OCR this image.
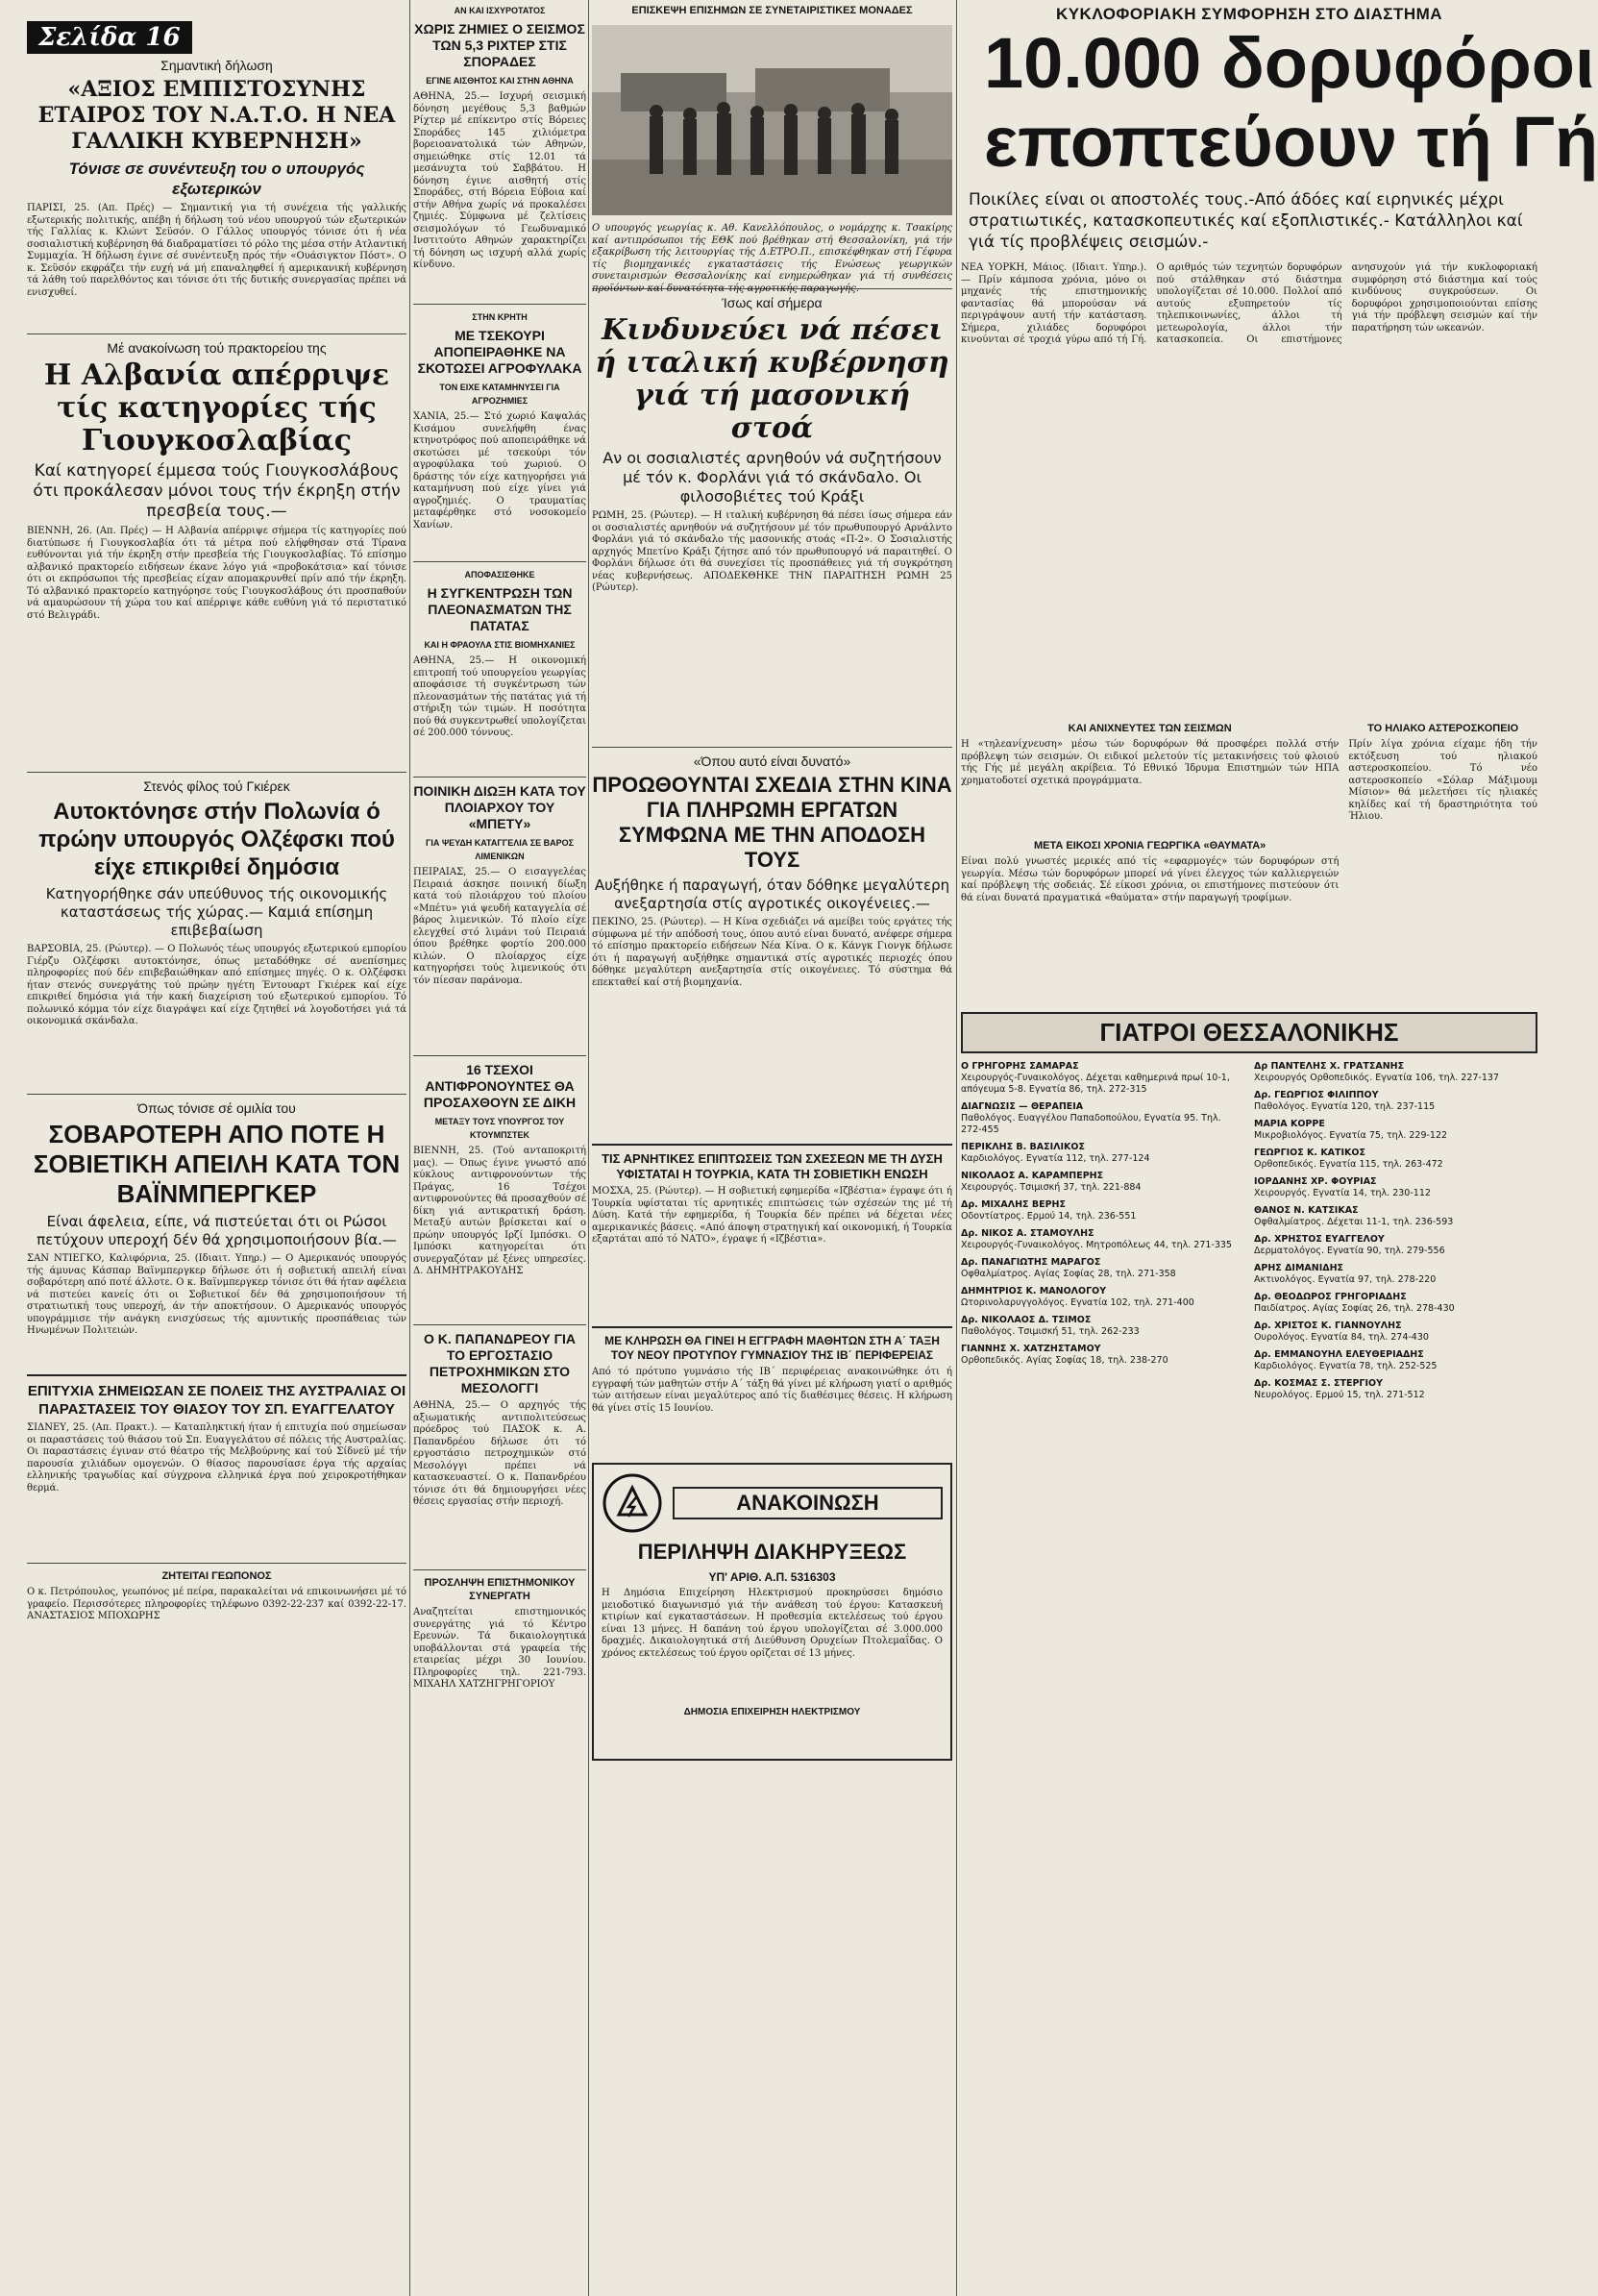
Σελίδα 16
Σημαντική δήλωση
«ΑΞΙΟΣ ΕΜΠΙΣΤΟΣΥΝΗΣ ΕΤΑΙΡΟΣ ΤΟΥ Ν.Α.Τ.Ο. Η ΝΕΑ ΓΑΛΛΙΚΗ ΚΥΒΕΡΝΗΣΗ»
Τόνισε σε συνέντευξη του ο υπουργός εξωτερικών
ΠΑΡΙΣΙ, 25. (Απ. Πρές) — Σημαντική για τή συνέχεια τής γαλλικής εξωτερικής πολιτικής, απέβη ή δήλωση τού νέου υπουργού τών εξωτερικών τής Γαλλίας κ. Κλώντ Σεϋσόν. Ο Γάλλος υπουργός τόνισε ότι ή νέα σοσιαλιστική κυβέρνηση θά διαδραματίσει τό ρόλο της μέσα στήν Ατλαντική Συμμαχία. Ή δήλωση έγινε σέ συνέντευξη πρός τήν «Ουάσιγκτον Πόστ». Ο κ. Σεϋσόν εκφράζει τήν ευχή νά μή επαναληφθεί ή αμερικανική κυβέρνηση τά λάθη τού παρελθόντος και τόνισε ότι τής δυτικής συνεργασίας πρέπει νά ενισχυθεί.
Μέ ανακοίνωση τού πρακτορείου της
Η Αλβανία απέρριψε τίς κατηγορίες τής Γιουγκοσλαβίας
Καί κατηγορεί έμμεσα τούς Γιουγκοσλάβους ότι προκάλεσαν μόνοι τους τήν έκρηξη στήν πρεσβεία τους.—
ΒΙΕΝΝΗ, 26. (Απ. Πρές) — Η Αλβανία απέρριψε σήμερα τίς κατηγορίες πού διατύπωσε ή Γιουγκοσλαβία ότι τά μέτρα πού ελήφθησαν στά Τίρανα ευθύνονται γιά τήν έκρηξη στήν πρεσβεία τής Γιουγκοσλαβίας. Τό επίσημο αλβανικό πρακτορείο ειδήσεων έκανε λόγο γιά «προβοκάτσια» καί τόνισε ότι οι εκπρόσωποι τής πρεσβείας είχαν απομακρυνθεί πρίν από τήν έκρηξη. Τό αλβανικό πρακτορείο κατηγόρησε τούς Γιουγκοσλάβους ότι προσπαθούν νά αμαυρώσουν τή χώρα του καί απέρριψε κάθε ευθύνη γιά τό περιστατικό στό Βελιγράδι.
Στενός φίλος τού Γκιέρεκ
Αυτοκτόνησε στήν Πολωνία ό πρώην υπουργός Ολζέφσκι πού είχε επικριθεί δημόσια
Κατηγορήθηκε σάν υπεύθυνος τής οικονομικής καταστάσεως τής χώρας.— Καμιά επίσημη επιβεβαίωση
ΒΑΡΣΟΒΙΑ, 25. (Ρώυτερ). — Ο Πολωνός τέως υπουργός εξωτερικού εμπορίου Γιέρζυ Ολζέφσκι αυτοκτόνησε, όπως μεταδόθηκε σέ ανεπίσημες πληροφορίες πού δέν επιβεβαιώθηκαν από επίσημες πηγές. Ο κ. Ολζέφσκι ήταν στενός συνεργάτης τού πρώην ηγέτη Έντουαρτ Γκιέρεκ καί είχε επικριθεί δημόσια γιά τήν κακή διαχείριση τού εξωτερικού εμπορίου. Τό πολωνικό κόμμα τόν είχε διαγράψει καί είχε ζητηθεί νά λογοδοτήσει γιά τά οικονομικά σκάνδαλα.
Όπως τόνισε σέ ομιλία του
ΣΟΒΑΡΟΤΕΡΗ ΑΠΟ ΠΟΤΕ Η ΣΟΒΙΕΤΙΚΗ ΑΠΕΙΛΗ ΚΑΤΑ ΤΟΝ ΒΑΪΝΜΠΕΡΓΚΕΡ
Είναι άφελεια, είπε, νά πιστεύεται ότι οι Ρώσοι πετύχουν υπεροχή δέν θά χρησιμοποιήσουν βία.—
ΣΑΝ ΝΤΙΕΓΚΟ, Καλιφόρνια, 25. (Ιδιαιτ. Υπηρ.) — Ο Αμερικανός υπουργός τής άμυνας Κάσπαρ Βαϊνμπεργκερ δήλωσε ότι ή σοβιετική απειλή είναι σοβαρότερη από ποτέ άλλοτε. Ο κ. Βαϊνμπεργκερ τόνισε ότι θά ήταν αφέλεια νά πιστεύει κανείς ότι οι Σοβιετικοί δέν θά χρησιμοποιήσουν τή στρατιωτική τους υπεροχή, άν τήν αποκτήσουν. Ο Αμερικανός υπουργός υπογράμμισε τήν ανάγκη ενισχύσεως τής αμυντικής προσπάθειας τών Ηνωμένων Πολιτειών.
ΕΠΙΤΥΧΙΑ ΣΗΜΕΙΩΣΑΝ ΣΕ ΠΟΛΕΙΣ ΤΗΣ ΑΥΣΤΡΑΛΙΑΣ ΟΙ ΠΑΡΑΣΤΑΣΕΙΣ ΤΟΥ ΘΙΑΣΟΥ ΤΟΥ ΣΠ. ΕΥΑΓΓΕΛΑΤΟΥ
ΣΙΔΝΕΥ, 25. (Απ. Πρακτ.). — Καταπληκτική ήταν ή επιτυχία πού σημείωσαν οι παραστάσεις τού θιάσου τού Σπ. Ευαγγελάτου σέ πόλεις τής Αυστραλίας. Οι παραστάσεις έγιναν στό θέατρο τής Μελβούρνης καί τού Σίδνεϋ μέ τήν παρουσία χιλιάδων ομογενών. Ο θίασος παρουσίασε έργα τής αρχαίας ελληνικής τραγωδίας καί σύγχρονα ελληνικά έργα πού χειροκροτήθηκαν θερμά.
ΖΗΤΕΙΤΑΙ ΓΕΩΠΟΝΟΣ
Ο κ. Πετρόπουλος, γεωπόνος μέ πείρα, παρακαλείται νά επικοινωνήσει μέ τό γραφείο. Περισσότερες πληροφορίες τηλέφωνο 0392-22-237 καί 0392-22-17. ΑΝΑΣΤΑΣΙΟΣ ΜΠΟΧΩΡΗΣ
ΑΝ ΚΑΙ ΙΣΧΥΡΟΤΑΤΟΣ
ΧΩΡΙΣ ΖΗΜΙΕΣ Ο ΣΕΙΣΜΟΣ ΤΩΝ 5,3 ΡΙΧΤΕΡ ΣΤΙΣ ΣΠΟΡΑΔΕΣ
ΕΓΙΝΕ ΑΙΣΘΗΤΟΣ ΚΑΙ ΣΤΗΝ ΑΘΗΝΑ
ΑΘΗΝΑ, 25.— Ισχυρή σεισμική δόνηση μεγέθους 5,3 βαθμών Ρίχτερ μέ επίκεντρο στίς Βόρειες Σποράδες 145 χιλιόμετρα βορειοανατολικά τών Αθηνών, σημειώθηκε στίς 12.01 τά μεσάνυχτα τού Σαββάτου. Η δόνηση έγινε αισθητή στίς Σποράδες, στή Βόρεια Εύβοια καί στήν Αθήνα χωρίς νά προκαλέσει ζημιές. Σύμφωνα μέ ζελτίσεις σεισμολόγων τό Γεωδυναμικό Ινστιτούτο Αθηνών χαρακτηρίζει τή δόνηση ως ισχυρή αλλά χωρίς κίνδυνο.
ΣΤΗΝ ΚΡΗΤΗ
ΜΕ ΤΣΕΚΟΥΡΙ ΑΠΟΠΕΙΡΑΘΗΚΕ ΝΑ ΣΚΟΤΩΣΕΙ ΑΓΡΟΦΥΛΑΚΑ
ΤΟΝ ΕΙΧΕ ΚΑΤΑΜΗΝΥΣΕΙ ΓΙΑ ΑΓΡΟΖΗΜΙΕΣ
ΧΑΝΙΑ, 25.— Στό χωριό Καψαλάς Κισάμου συνελήφθη ένας κτηνοτρόφος πού αποπειράθηκε νά σκοτώσει μέ τσεκούρι τόν αγροφύλακα τού χωριού. Ο δράστης τόν είχε κατηγορήσει γιά καταμήνυση πού είχε γίνει γιά αγροζημιές. Ο τραυματίας μεταφέρθηκε στό νοσοκομείο Χανίων.
ΑΠΟΦΑΣΙΣΘΗΚΕ
Η ΣΥΓΚΕΝΤΡΩΣΗ ΤΩΝ ΠΛΕΟΝΑΣΜΑΤΩΝ ΤΗΣ ΠΑΤΑΤΑΣ
ΚΑΙ Η ΦΡΑΟΥΛΑ ΣΤΙΣ ΒΙΟΜΗΧΑΝΙΕΣ
ΑΘΗΝΑ, 25.— Η οικονομική επιτροπή τού υπουργείου γεωργίας αποφάσισε τή συγκέντρωση τών πλεονασμάτων τής πατάτας γιά τή στήριξη τών τιμών. Η ποσότητα πού θά συγκεντρωθεί υπολογίζεται σέ 200.000 τόννους.
ΠΟΙΝΙΚΗ ΔΙΩΞΗ ΚΑΤΑ ΤΟΥ ΠΛΟΙΑΡΧΟΥ ΤΟΥ «ΜΠΕΤΥ»
ΓΙΑ ΨΕΥΔΗ ΚΑΤΑΓΓΕΛΙΑ ΣΕ ΒΑΡΟΣ ΛΙΜΕΝΙΚΩΝ
ΠΕΙΡΑΙΑΣ, 25.— Ο εισαγγελέας Πειραιά άσκησε ποινική δίωξη κατά τού πλοιάρχου τού πλοίου «Μπέτυ» γιά ψευδή καταγγελία σέ βάρος λιμενικών. Τό πλοίο είχε ελεγχθεί στό λιμάνι τού Πειραιά όπου βρέθηκε φορτίο 200.000 κιλών. Ο πλοίαρχος είχε κατηγορήσει τούς λιμενικούς ότι τόν πίεσαν παράνομα.
16 ΤΣΕΧΟΙ ΑΝΤΙΦΡΟΝΟΥΝΤΕΣ ΘΑ ΠΡΟΣΑΧΘΟΥΝ ΣΕ ΔΙΚΗ
ΜΕΤΑΞΥ ΤΟΥΣ ΥΠΟΥΡΓΟΣ ΤΟΥ ΚΤΟΥΜΠΣΤΕΚ
ΒΙΕΝΝΗ, 25. (Τού ανταποκριτή μας). — Όπως έγινε γνωστό από κύκλους αντιφρονούντων τής Πράγας, 16 Τσέχοι αντιφρονούντες θά προσαχθούν σέ δίκη γιά αντικρατική δράση. Μεταξύ αυτών βρίσκεται καί ο πρώην υπουργός Ιρζί Ιμπόσκι. Ο Ιμπόσκι κατηγορείται ότι συνεργαζόταν μέ ξένες υπηρεσίες. Δ. ΔΗΜΗΤΡΑΚΟΥΔΗΣ
Ο Κ. ΠΑΠΑΝΔΡΕΟΥ ΓΙΑ ΤΟ ΕΡΓΟΣΤΑΣΙΟ ΠΕΤΡΟΧΗΜΙΚΩΝ ΣΤΟ ΜΕΣΟΛΟΓΓΙ
ΑΘΗΝΑ, 25.— Ο αρχηγός τής αξιωματικής αντιπολιτεύσεως πρόεδρος τού ΠΑΣΟΚ κ. Α. Παπανδρέου δήλωσε ότι τό εργοστάσιο πετροχημικών στό Μεσολόγγι πρέπει νά κατασκευαστεί. Ο κ. Παπανδρέου τόνισε ότι θά δημιουργήσει νέες θέσεις εργασίας στήν περιοχή.
ΠΡΟΣΛΗΨΗ ΕΠΙΣΤΗΜΟΝΙΚΟΥ ΣΥΝΕΡΓΑΤΗ
Αναζητείται επιστημονικός συνεργάτης γιά τό Κέντρο Ερευνών. Τά δικαιολογητικά υποβάλλονται στά γραφεία τής εταιρείας μέχρι 30 Ιουνίου. Πληροφορίες τηλ. 221-793. ΜΙΧΑΗΛ ΧΑΤΖΗΓΡΗΓΟΡΙΟΥ
ΕΠΙΣΚΕΨΗ ΕΠΙΣΗΜΩΝ ΣΕ ΣΥΝΕΤΑΙΡΙΣΤΙΚΕΣ ΜΟΝΑΔΕΣ
Ο υπουργός γεωργίας κ. Αθ. Κανελλόπουλος, ο νομάρχης κ. Τσακίρης καί αντιπρόσωποι τής ΕΘΚ πού βρέθηκαν στή Θεσσαλονίκη, γιά τήν εξακρίβωση τής λειτουργίας τής Δ.ΕΤΡΟ.Π., επισκέφθηκαν στή Γέφυρα τίς βιομηχανικές εγκαταστάσεις τής Ενώσεως γεωργικών συνεταιρισμών Θεσσαλονίκης καί ενημερώθηκαν γιά τή συνθέσεις προϊόντων καί δυνατότητα τής αγροτικής παραγωγής.
Ίσως καί σήμερα
Κινδυνεύει νά πέσει ή ιταλική κυβέρνηση γιά τή μασονική στοά
Αν οι σοσιαλιστές αρνηθούν νά συζητήσουν μέ τόν κ. Φορλάνι γιά τό σκάνδαλο. Οι φιλοσοβιέτες τού Κράξι
ΡΩΜΗ, 25. (Ρώυτερ). — Η ιταλική κυβέρνηση θά πέσει ίσως σήμερα εάν οι σοσιαλιστές αρνηθούν νά συζητήσουν μέ τόν πρωθυπουργό Αρνάλντο Φορλάνι γιά τό σκάνδαλο τής μασονικής στοάς «Π-2». Ο Σοσιαλιστής αρχηγός Μπετίνο Κράξι ζήτησε από τόν πρωθυπουργό νά παραιτηθεί. Ο Φορλάνι δήλωσε ότι θά συνεχίσει τίς προσπάθειες γιά τή συγκρότηση νέας κυβερνήσεως. ΑΠΟΔΕΚΘΗΚΕ ΤΗΝ ΠΑΡΑΙΤΗΣΗ ΡΩΜΗ 25 (Ρώυτερ).
«Όπου αυτό είναι δυνατό»
ΠΡΟΩΘΟΥΝΤΑΙ ΣΧΕΔΙΑ ΣΤΗΝ ΚΙΝΑ ΓΙΑ ΠΛΗΡΩΜΗ ΕΡΓΑΤΩΝ ΣΥΜΦΩΝΑ ΜΕ ΤΗΝ ΑΠΟΔΟΣΗ ΤΟΥΣ
Αυξήθηκε ή παραγωγή, όταν δόθηκε μεγαλύτερη ανεξαρτησία στίς αγροτικές οικογένειες.—
ΠΕΚΙΝΟ, 25. (Ρώυτερ). — Η Κίνα σχεδιάζει νά αμείβει τούς εργάτες τής σύμφωνα μέ τήν απόδοσή τους, όπου αυτό είναι δυνατό, ανέφερε σήμερα τό επίσημο πρακτορείο ειδήσεων Νέα Κίνα. Ο κ. Κάνγκ Γιονγκ δήλωσε ότι ή παραγωγή αυξήθηκε σημαντικά στίς αγροτικές περιοχές όπου δόθηκε μεγαλύτερη ανεξαρτησία στίς οικογένειες. Τό σύστημα θά επεκταθεί καί στή βιομηχανία.
ΤΙΣ ΑΡΝΗΤΙΚΕΣ ΕΠΙΠΤΩΣΕΙΣ ΤΩΝ ΣΧΕΣΕΩΝ ΜΕ ΤΗ ΔΥΣΗ ΥΦΙΣΤΑΤΑΙ Η ΤΟΥΡΚΙΑ, ΚΑΤΑ ΤΗ ΣΟΒΙΕΤΙΚΗ ΕΝΩΣΗ
ΜΟΣΧΑ, 25. (Ρώυτερ). — Η σοβιετική εφημερίδα «Ιζβέστια» έγραψε ότι ή Τουρκία υφίσταται τίς αρνητικές επιπτώσεις τών σχέσεών της μέ τή Δύση. Κατά τήν εφημερίδα, ή Τουρκία δέν πρέπει νά δέχεται νέες αμερικανικές βάσεις. «Από άποψη στρατηγική καί οικονομική, ή Τουρκία εξαρτάται από τό ΝΑΤΟ», έγραψε ή «Ιζβέστια».
ΜΕ ΚΛΗΡΩΣΗ ΘΑ ΓΙΝΕΙ Η ΕΓΓΡΑΦΗ ΜΑΘΗΤΩΝ ΣΤΗ Α΄ ΤΑΞΗ ΤΟΥ ΝΕΟΥ ΠΡΟΤΥΠΟΥ ΓΥΜΝΑΣΙΟΥ ΤΗΣ ΙΒ΄ ΠΕΡΙΦΕΡΕΙΑΣ
Από τό πρότυπο γυμνάσιο τής ΙΒ΄ περιφέρειας ανακοινώθηκε ότι ή εγγραφή τών μαθητών στήν Α΄ τάξη θά γίνει μέ κλήρωση γιατί ο αριθμός τών αιτήσεων είναι μεγαλύτερος από τίς διαθέσιμες θέσεις. Η κλήρωση θά γίνει στίς 15 Ιουνίου.
ΑΝΑΚΟΙΝΩΣΗ
ΠΕΡΙΛΗΨΗ ΔΙΑΚΗΡΥΞΕΩΣ
ΥΠ' ΑΡΙΘ. Α.Π. 5316303
Η Δημόσια Επιχείρηση Ηλεκτρισμού προκηρύσσει δημόσιο μειοδοτικό διαγωνισμό γιά τήν ανάθεση τού έργου: Κατασκευή κτιρίων καί εγκαταστάσεων. Η προθεσμία εκτελέσεως τού έργου είναι 13 μήνες. Η δαπάνη τού έργου υπολογίζεται σέ 3.000.000 δραχμές. Δικαιολογητικά στή Διεύθυνση Ορυχείων Πτολεμαΐδας. Ο χρόνος εκτελέσεως τού έργου ορίζεται σέ 13 μήνες.
ΔΗΜΟΣΙΑ ΕΠΙΧΕΙΡΗΣΗ ΗΛΕΚΤΡΙΣΜΟΥ
ΚΥΚΛΟΦΟΡΙΑΚΗ ΣΥΜΦΟΡΗΣΗ ΣΤΟ ΔΙΑΣΤΗΜΑ
10.000 δορυφόροι
εποπτεύουν τή Γή
Ποικίλες είναι οι αποστολές τους.-Από άδόες καί ειρηνικές μέχρι στρατιωτικές, κατασκοπευτικές καί εξοπλιστικές.- Κατάλληλοι καί γιά τίς προβλέψεις σεισμών.-
ΝΕΑ ΥΟΡΚΗ, Μάιος. (Ιδιαιτ. Υπηρ.). — Πρίν κάμποσα χρόνια, μόνο οι μηχανές τής επιστημονικής φαντασίας θά μπορούσαν νά περιγράψουν αυτή τήν κατάσταση. Σήμερα, χιλιάδες δορυφόροι κινούνται σέ τροχιά γύρω από τή Γή. Ο αριθμός τών τεχνητών δορυφόρων πού στάλθηκαν στό διάστημα υπολογίζεται σέ 10.000. Πολλοί από αυτούς εξυπηρετούν τίς τηλεπικοινωνίες, άλλοι τή μετεωρολογία, άλλοι τήν κατασκοπεία. Οι επιστήμονες ανησυχούν γιά τήν κυκλοφοριακή συμφόρηση στό διάστημα καί τούς κινδύνους συγκρούσεων. Οι δορυφόροι χρησιμοποιούνται επίσης γιά τήν πρόβλεψη σεισμών καί τήν παρατήρηση τών ωκεανών.
ΚΑΙ ΑΝΙΧΝΕΥΤΕΣ ΤΩΝ ΣΕΙΣΜΩΝ
Η «τηλεανίχνευση» μέσω τών δορυφόρων θά προσφέρει πολλά στήν πρόβλεψη τών σεισμών. Οι ειδικοί μελετούν τίς μετακινήσεις τού φλοιού τής Γής μέ μεγάλη ακρίβεια. Τό Εθνικό Ίδρυμα Επιστημών τών ΗΠΑ χρηματοδοτεί σχετικά προγράμματα.
ΜΕΤΑ ΕΙΚΟΣΙ ΧΡΟΝΙΑ ΓΕΩΡΓΙΚΑ «ΘΑΥΜΑΤΑ»
Είναι πολύ γνωστές μερικές από τίς «εφαρμογές» τών δορυφόρων στή γεωργία. Μέσω τών δορυφόρων μπορεί νά γίνει έλεγχος τών καλλιεργειών καί πρόβλεψη τής σοδειάς. Σέ είκοσι χρόνια, οι επιστήμονες πιστεύουν ότι θά είναι δυνατά πραγματικά «θαύματα» στήν παραγωγή τροφίμων.
ΤΟ ΗΛΙΑΚΟ ΑΣΤΕΡΟΣΚΟΠΕΙΟ
Πρίν λίγα χρόνια είχαμε ήδη τήν εκτόξευση τού ηλιακού αστεροσκοπείου. Τό νέο αστεροσκοπείο «Σόλαρ Μάξιμουμ Μίσιον» θά μελετήσει τίς ηλιακές κηλίδες καί τή δραστηριότητα τού Ήλιου.
ΓΙΑΤΡΟΙ ΘΕΣΣΑΛΟΝΙΚΗΣ
Ο ΓΡΗΓΟΡΗΣ ΣΑΜΑΡΑΣ
Χειρουργός-Γυναικολόγος. Δέχεται καθημερινά πρωί 10-1, απόγευμα 5-8. Εγνατία 86, τηλ. 272-315
ΔΙΑΓΝΩΣΙΣ — ΘΕΡΑΠΕΙΑ
Παθολόγος. Ευαγγέλου Παπαδοπούλου, Εγνατία 95. Τηλ. 272-455
ΠΕΡΙΚΛΗΣ Β. ΒΑΣΙΛΙΚΟΣ
Καρδιολόγος. Εγνατία 112, τηλ. 277-124
ΝΙΚΟΛΑΟΣ Α. ΚΑΡΑΜΠΕΡΗΣ
Χειρουργός. Τσιμισκή 37, τηλ. 221-884
Δρ. ΜΙΧΑΛΗΣ ΒΕΡΗΣ
Οδοντίατρος. Ερμού 14, τηλ. 236-551
Δρ. ΝΙΚΟΣ Α. ΣΤΑΜΟΥΛΗΣ
Χειρουργός-Γυναικολόγος. Μητροπόλεως 44, τηλ. 271-335
Δρ. ΠΑΝΑΓΙΩΤΗΣ ΜΑΡΑΓΟΣ
Οφθαλμίατρος. Αγίας Σοφίας 28, τηλ. 271-358
ΔΗΜΗΤΡΙΟΣ Κ. ΜΑΝΟΛΟΓΟΥ
Ωτορινολαρυγγολόγος. Εγνατία 102, τηλ. 271-400
Δρ. ΝΙΚΟΛΑΟΣ Δ. ΤΣΙΜΟΣ
Παθολόγος. Τσιμισκή 51, τηλ. 262-233
ΓΙΑΝΝΗΣ Χ. ΧΑΤΖΗΣΤΑΜΟΥ
Ορθοπεδικός. Αγίας Σοφίας 18, τηλ. 238-270
Δρ ΠΑΝΤΕΛΗΣ Χ. ΓΡΑΤΣΑΝΗΣ
Χειρουργός Ορθοπεδικός. Εγνατία 106, τηλ. 227-137
Δρ. ΓΕΩΡΓΙΟΣ ΦΙΛΙΠΠΟΥ
Παθολόγος. Εγνατία 120, τηλ. 237-115
ΜΑΡΙΑ ΚΟΡΡΕ
Μικροβιολόγος. Εγνατία 75, τηλ. 229-122
ΓΕΩΡΓΙΟΣ Κ. ΚΑΤΙΚΟΣ
Ορθοπεδικός. Εγνατία 115, τηλ. 263-472
ΙΟΡΔΑΝΗΣ ΧΡ. ΦΟΥΡΙΑΣ
Χειρουργός. Εγνατία 14, τηλ. 230-112
ΘΑΝΟΣ Ν. ΚΑΤΣΙΚΑΣ
Οφθαλμίατρος. Δέχεται 11-1, τηλ. 236-593
Δρ. ΧΡΗΣΤΟΣ ΕΥΑΓΓΕΛΟΥ
Δερματολόγος. Εγνατία 90, τηλ. 279-556
ΑΡΗΣ ΔΙΜΑΝΙΔΗΣ
Ακτινολόγος. Εγνατία 97, τηλ. 278-220
Δρ. ΘΕΟΔΩΡΟΣ ΓΡΗΓΟΡΙΑΔΗΣ
Παιδίατρος. Αγίας Σοφίας 26, τηλ. 278-430
Δρ. ΧΡΙΣΤΟΣ Κ. ΓΙΑΝΝΟΥΛΗΣ
Ουρολόγος. Εγνατία 84, τηλ. 274-430
Δρ. ΕΜΜΑΝΟΥΗΛ ΕΛΕΥΘΕΡΙΑΔΗΣ
Καρδιολόγος. Εγνατία 78, τηλ. 252-525
Δρ. ΚΟΣΜΑΣ Σ. ΣΤΕΡΓΙΟΥ
Νευρολόγος. Ερμού 15, τηλ. 271-512
